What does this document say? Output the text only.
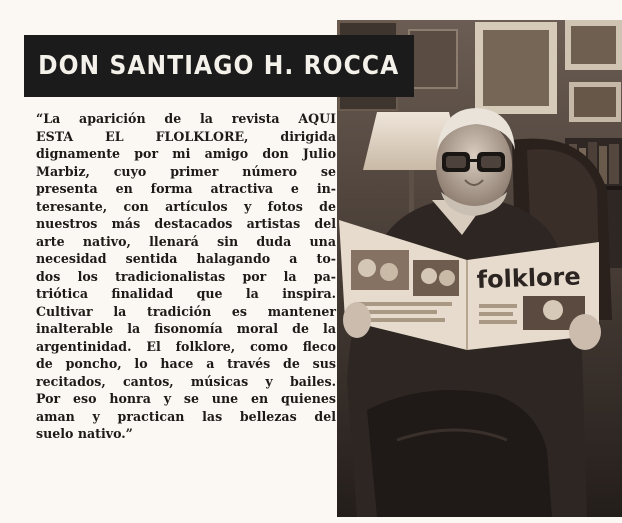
DON SANTIAGO H. ROCCA
folklore

“La aparición de la revista AQUI
ESTA EL FLOLKLORE, dirigida
dignamente por mi amigo don Julio
Marbiz, cuyo primer número se
presenta en forma atractiva e in-
teresante, con artículos y fotos de
nuestros más destacados artistas del
arte nativo, llenará sin duda una
necesidad sentida halagando a to-
dos los tradicionalistas por la pa-
triótica finalidad que la inspira.
Cultivar la tradición es mantener
inalterable la fisonomía moral de la
argentinidad. El folklore, como fleco
de poncho, lo hace a través de sus
recitados, cantos, músicas y bailes.
Por eso honra y se une en quienes
aman y practican las bellezas del
suelo nativo.”
